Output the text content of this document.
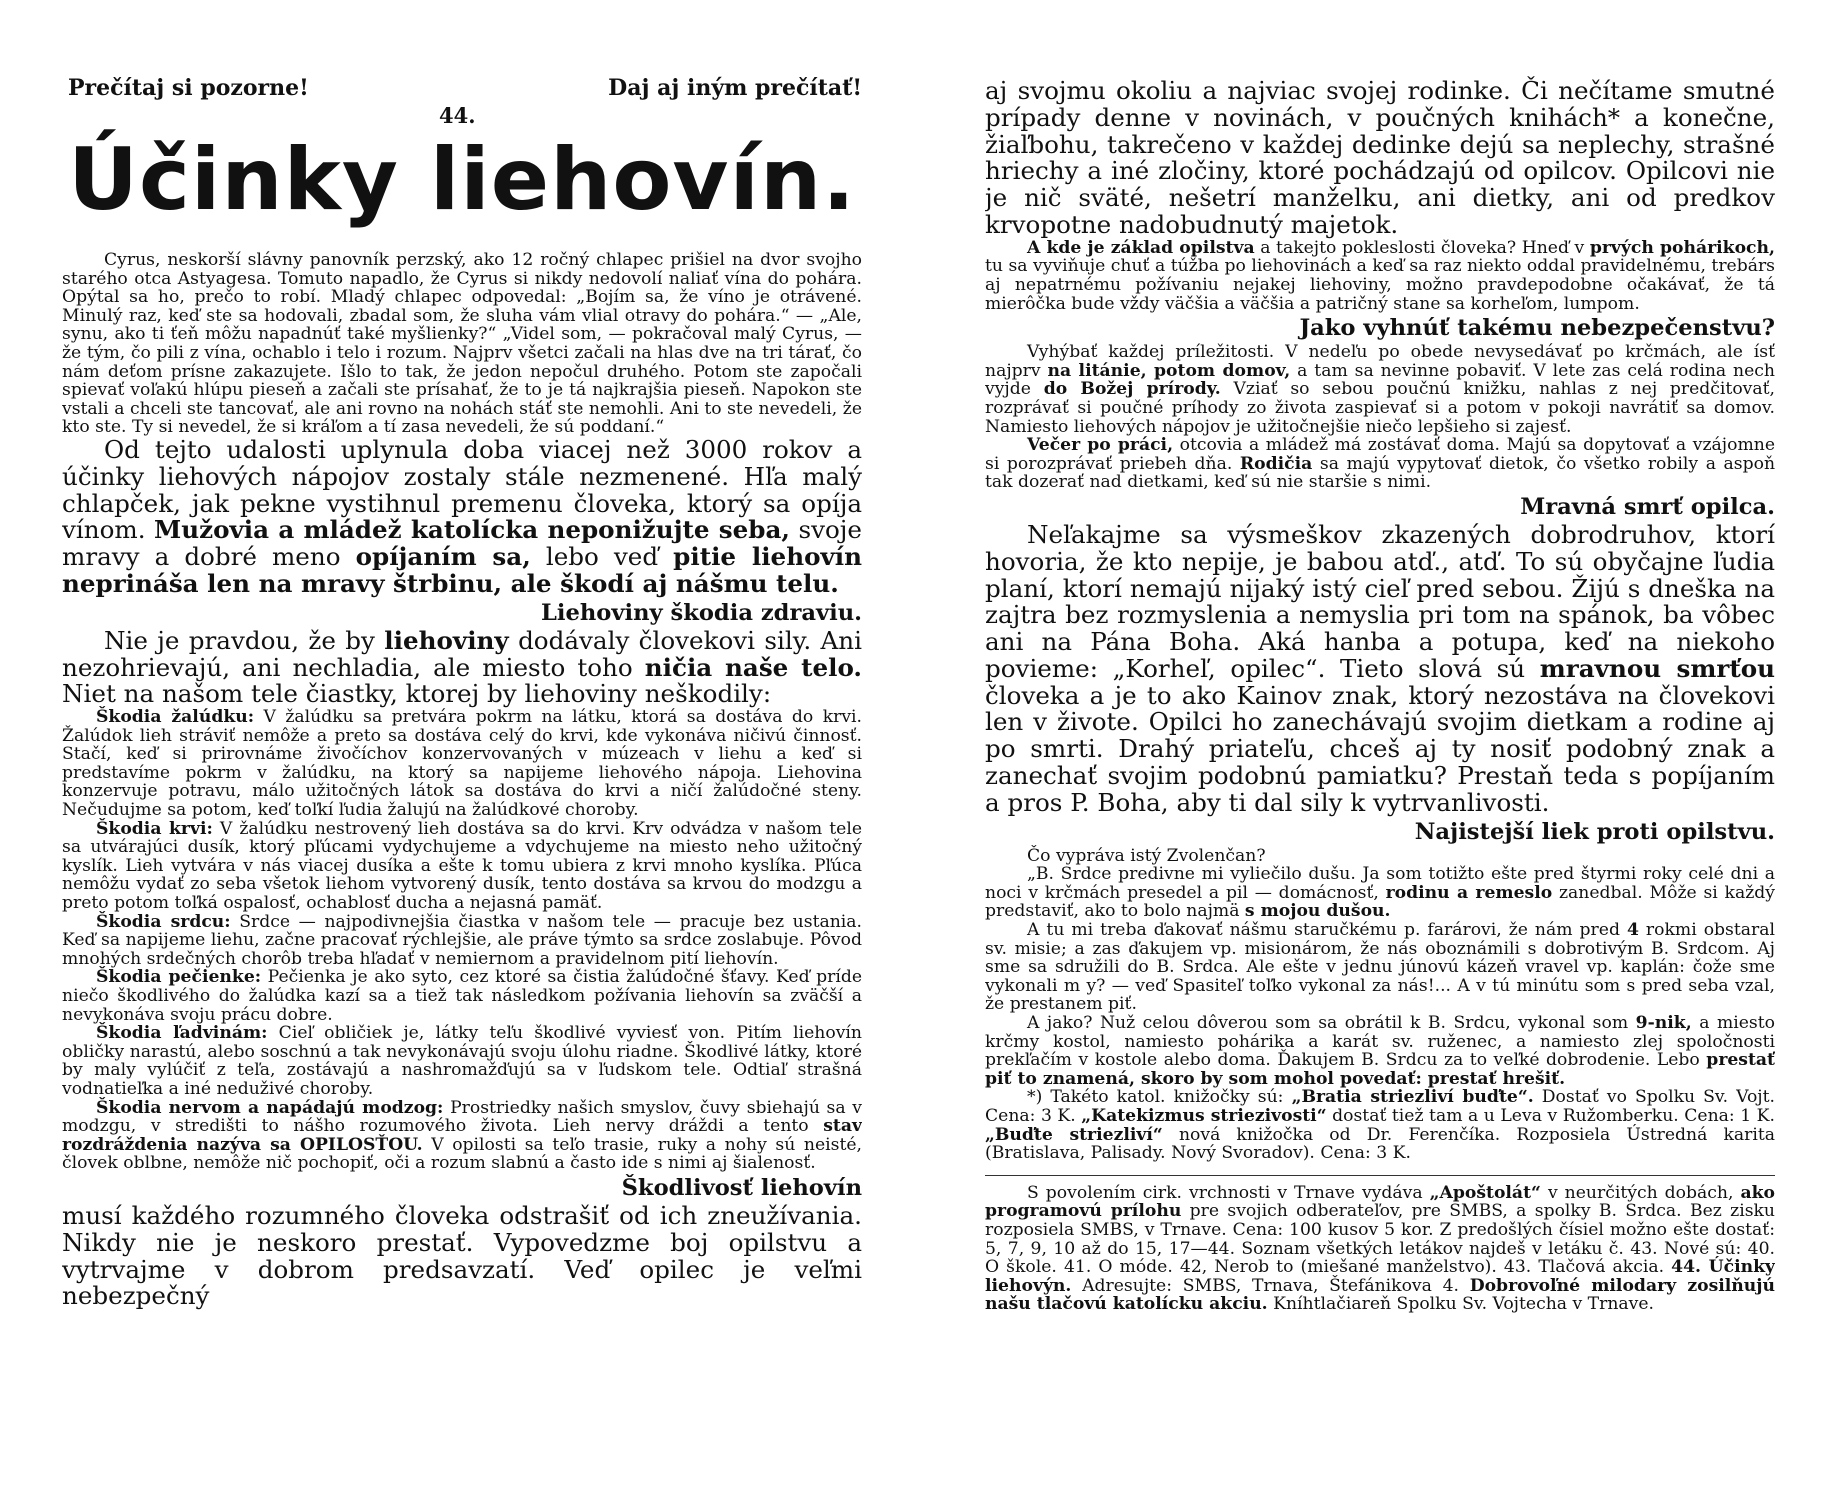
Prečítaj si pozorne!
44.
Daj aj iným prečítať!
Účinky liehovín.

Cyrus, neskorší slávny panovník perzský, ako 12 ročný chlapec prišiel na dvor svojho starého otca Astyagesa. Tomuto napadlo, že Cyrus si nikdy nedovolí naliať vína do pohára. Opýtal sa ho, prečo to robí. Mladý chlapec odpovedal: „Bojím sa, že víno je otrávené. Minulý raz, keď ste sa hodovali, zbadal som, že sluha vám vlial otravy do pohára.“ — „Ale, synu, ako ti ťeň môžu napadnúť také myšlienky?“ „Videl som, — pokračoval malý Cyrus, — že tým, čo pili z vína, ochablo i telo i rozum. Najprv všetci začali na hlas dve na tri tárať, čo nám deťom prísne zakazujete. Išlo to tak, že jedon nepočul druhého. Potom ste započali spievať voľakú hlúpu pieseň a začali ste prísahať, že to je tá najkrajšia pieseň. Napokon ste vstali a chceli ste tancovať, ale ani rovno na nohách stáť ste nemohli. Ani to ste nevedeli, že kto ste. Ty si nevedel, že si kráľom a tí zasa nevedeli, že sú poddaní.“

Od tejto udalosti uplynula doba viacej než 3000 rokov a účinky liehových nápojov zostaly stále nezmenené. Hľa malý chlapček, jak pekne vystihnul premenu človeka, ktorý sa opíja vínom. Mužovia a mládež katolícka neponižujte seba, svoje mravy a dobré meno opíjaním sa, lebo veď pitie liehovín neprináša len na mravy štrbinu, ale škodí aj nášmu telu.

Liehoviny škodia zdraviu.

Nie je pravdou, že by liehoviny dodávaly človekovi sily. Ani nezohrievajú, ani nechladia, ale miesto toho ničia naše telo. Niet na našom tele čiastky, ktorej by liehoviny neškodily:

Škodia žalúdku: V žalúdku sa pretvára pokrm na látku, ktorá sa dostáva do krvi. Žalúdok lieh stráviť nemôže a preto sa dostáva celý do krvi, kde vykonáva ničivú činnosť. Stačí, keď si prirovnáme živočíchov konzervovaných v múzeach v liehu a keď si predstavíme pokrm v žalúdku, na ktorý sa napijeme liehového nápoja. Liehovina konzervuje potravu, málo užitočných látok sa dostáva do krvi a ničí žalúdočné steny. Nečudujme sa potom, keď toľkí ľudia žalujú na žalúdkové choroby.

Škodia krvi: V žalúdku nestrovený lieh dostáva sa do krvi. Krv odvádza v našom tele sa utvárajúci dusík, ktorý pľúcami vydychujeme a vdychujeme na miesto neho užitočný kyslík. Lieh vytvára v nás viacej dusíka a ešte k tomu ubiera z krvi mnoho kyslíka. Pľúca nemôžu vydať zo seba všetok liehom vytvorený dusík, tento dostáva sa krvou do modzgu a preto potom toľká ospalosť, ochablosť ducha a nejasná pamäť.

Škodia srdcu: Srdce — najpodivnejšia čiastka v našom tele — pracuje bez ustania. Keď sa napijeme liehu, začne pracovať rýchlejšie, ale práve týmto sa srdce zoslabuje. Pôvod mnohých srdečných chorôb treba hľadať v nemiernom a pravidelnom pití liehovín.

Škodia pečienke: Pečienka je ako syto, cez ktoré sa čistia žalúdočné šťavy. Keď príde niečo škodlivého do žalúdka kazí sa a tiež tak následkom požívania liehovín sa zväčší a nevykonáva svoju prácu dobre.

Škodia ľadvinám: Cieľ obličiek je, látky teľu škodlivé vyviesť von. Pitím liehovín obličky narastú, alebo soschnú a tak nevykonávajú svoju úlohu riadne. Škodlivé látky, ktoré by maly vylúčiť z teľa, zostávajú a nashromažďujú sa v ľudskom tele. Odtiaľ strašná vodnatieľka a iné neduživé choroby.

Škodia nervom a napádajú modzog: Prostriedky našich smyslov, čuvy sbiehajú sa v modzgu, v stredišti to nášho rozumového života. Lieh nervy dráždi a tento stav rozdráždenia nazýva sa OPILOSŤOU. V opilosti sa teľo trasie, ruky a nohy sú neisté, človek oblbne, nemôže nič pochopiť, oči a rozum slabnú a často ide s nimi aj šialenosť.

Škodlivosť liehovín

musí každého rozumného človeka odstrašiť od ich zneužívania. Nikdy nie je neskoro prestať. Vypovedzme boj opilstvu a vytrvajme v dobrom predsavzatí. Veď opilec je veľmi nebezpečný

aj svojmu okoliu a najviac svojej rodinke. Či nečítame smutné prípady denne v novinách, v poučných knihách* a konečne, žiaľbohu, takrečeno v každej dedinke dejú sa neplechy, strašné hriechy a iné zločiny, ktoré pochádzajú od opilcov. Opilcovi nie je nič sväté, nešetrí manželku, ani dietky, ani od predkov krvopotne nadobudnutý majetok.

A kde je základ opilstva a takejto pokleslosti človeka? Hneď v prvých pohárikoch, tu sa vyviňuje chuť a túžba po liehovinách a keď sa raz niekto oddal pravidelnému, trebárs aj nepatrnému požívaniu nejakej liehoviny, možno pravdepodobne očakávať, že tá mierôčka bude vždy väčšia a väčšia a patričný stane sa korheľom, lumpom.

Jako vyhnúť takému nebezpečenstvu?

Vyhýbať každej príležitosti. V nedeľu po obede nevysedávať po krčmách, ale ísť najprv na litánie, potom domov, a tam sa nevinne pobaviť. V lete zas celá rodina nech vyjde do Božej prírody. Vziať so sebou poučnú knižku, nahlas z nej predčitovať, rozprávať si poučné príhody zo života zaspievať si a potom v pokoji navrátiť sa domov. Namiesto liehových nápojov je užitočnejšie niečo lepšieho si zajesť.

Večer po práci, otcovia a mládež má zostávať doma. Majú sa dopytovať a vzájomne si porozprávať priebeh dňa. Rodičia sa majú vypytovať dietok, čo všetko robily a aspoň tak dozerať nad dietkami, keď sú nie staršie s nimi.

Mravná smrť opilca.

Neľakajme sa výsmeškov zkazených dobrodruhov, ktorí hovoria, že kto nepije, je babou atď., atď. To sú obyčajne ľudia planí, ktorí nemajú nijaký istý cieľ pred sebou. Žijú s dneška na zajtra bez rozmyslenia a nemyslia pri tom na spánok, ba vôbec ani na Pána Boha. Aká hanba a potupa, keď na niekoho povieme: „Korheľ, opilec“. Tieto slová sú mravnou smrťou človeka a je to ako Kainov znak, ktorý nezostáva na človekovi len v živote. Opilci ho zanechávajú svojim dietkam a rodine aj po smrti. Drahý priateľu, chceš aj ty nosiť podobný znak a zanechať svojim podobnú pamiatku? Prestaň teda s popíjaním a pros P. Boha, aby ti dal sily k vytrvanlivosti.

Najistejší liek proti opilstvu.

Čo vypráva istý Zvolenčan?

„B. Srdce predivne mi vyliečilo dušu. Ja som totižto ešte pred štyrmi roky celé dni a noci v krčmách presedel a pil — domácnosť, rodinu a remeslo zanedbal. Môže si každý predstaviť, ako to bolo najmä s mojou dušou.

A tu mi treba ďakovať nášmu staručkému p. farárovi, že nám pred 4 rokmi obstaral sv. misie; a zas ďakujem vp. misionárom, že nás oboznámili s dobrotivým B. Srdcom. Aj sme sa sdružili do B. Srdca. Ale ešte v jednu júnovú kázeň vravel vp. kaplán: čože sme vykonali m y? — veď Spasiteľ toľko vykonal za nás!... A v tú minútu som s pred seba vzal, že prestanem piť.

A jako? Nuž celou dôverou som sa obrátil k B. Srdcu, vykonal som 9-nik, a miesto krčmy kostol, namiesto pohárika a karát sv. ruženec, a namiesto zlej spoločnosti prekľačím v kostole alebo doma. Ďakujem B. Srdcu za to veľké dobrodenie. Lebo prestať piť to znamená, skoro by som mohol povedať: prestať hrešiť.

*) Takéto katol. knižočky sú: „Bratia striezliví buďte“. Dostať vo Spolku Sv. Vojt. Cena: 3 K. „Katekizmus striezivosti“ dostať tiež tam a u Leva v Ružomberku. Cena: 1 K. „Buďte striezliví“ nová knižočka od Dr. Ferenčíka. Rozposiela Ústredná karita (Bratislava, Palisady. Nový Svoradov). Cena: 3 K.

S povolením cirk. vrchnosti v Trnave vydáva „Apoštolát“ v neurčitých dobách, ako programovú prílohu pre svojich odberateľov, pre SMBS, a spolky B. Srdca. Bez zisku rozposiela SMBS, v Trnave. Cena: 100 kusov 5 kor. Z predošlých čísiel možno ešte dostať: 5, 7, 9, 10 až do 15, 17—44. Soznam všetkých letákov najdeš v letáku č. 43. Nové sú: 40. O škole. 41. O móde. 42, Nerob to (miešané manželstvo). 43. Tlačová akcia. 44. Účinky liehovýn. Adresujte: SMBS, Trnava, Štefánikova 4. Dobrovoľné milodary zosilňujú našu tlačovú katolícku akciu. Kníhtlačiareň Spolku Sv. Vojtecha v Trnave.
